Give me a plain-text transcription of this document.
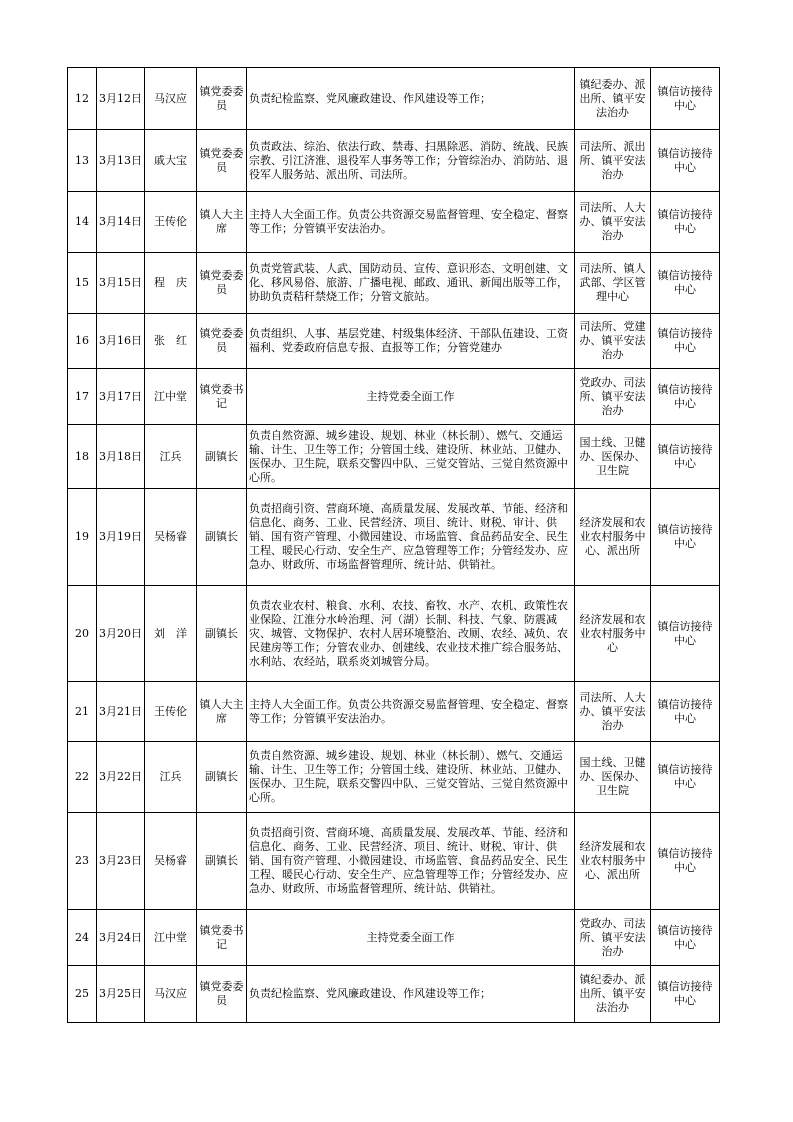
12	3月12日	马汉应	镇党委委员	负责纪检监察、党风廉政建设、作风建设等工作；	镇纪委办、派出所、镇平安法治办	镇信访接待中心
13	3月13日	戚大宝	镇党委委员	负责政法、综治、依法行政、禁毒、扫黑除恶、消防、统战、民族宗教、引江济淮、退役军人事务等工作；分管综治办、消防站、退役军人服务站、派出所、司法所。	司法所、派出所、镇平安法治办	镇信访接待中心
14	3月14日	王传伦	镇人大主席	主持人大全面工作。负责公共资源交易监督管理、安全稳定、督察等工作；分管镇平安法治办。	司法所、人大办、镇平安法治办	镇信访接待中心
15	3月15日	程　庆	镇党委委员	负责党管武装、人武、国防动员、宣传、意识形态、文明创建、文化、移风易俗、旅游、广播电视、邮政、通讯、新闻出版等工作，协助负责秸秆禁烧工作；分管文旅站。	司法所、镇人武部、学区管理中心	镇信访接待中心
16	3月16日	张　红	镇党委委员	负责组织、人事、基层党建、村级集体经济、干部队伍建设、工资福利、党委政府信息专报、直报等工作；分管党建办	司法所、党建办、镇平安法治办	镇信访接待中心
17	3月17日	江中堂	镇党委书记	主持党委全面工作	党政办、司法所、镇平安法治办	镇信访接待中心
18	3月18日	江兵	副镇长	负责自然资源、城乡建设、规划、林业（林长制）、燃气、交通运输、计生、卫生等工作；分管国土线、建设所、林业站、卫健办、医保办、卫生院，联系交警四中队、三觉交管站、三觉自然资源中心所。	国土线、卫健办、医保办、卫生院	镇信访接待中心
19	3月19日	吴杨睿	副镇长	负责招商引资、营商环境、高质量发展、发展改革、节能、经济和信息化、商务、工业、民营经济、项目、统计、财税、审计、供销、国有资产管理、小微园建设、市场监管、食品药品安全、民生工程、暖民心行动、安全生产、应急管理等工作；分管经发办、应急办、财政所、市场监督管理所、统计站、供销社。	经济发展和农业农村服务中心、派出所	镇信访接待中心
20	3月20日	刘　洋	副镇长	负责农业农村、粮食、水利、农技、畜牧、水产、农机、政策性农业保险、江淮分水岭治理、河（湖）长制、科技、气象、防震减灾、城管、文物保护、农村人居环境整治、改厕、农经、减负、农民建房等工作；分管农业办、创建线、农业技术推广综合服务站、水利站、农经站，联系炎刘城管分局。	经济发展和农业农村服务中心	镇信访接待中心
21	3月21日	王传伦	镇人大主席	主持人大全面工作。负责公共资源交易监督管理、安全稳定、督察等工作；分管镇平安法治办。	司法所、人大办、镇平安法治办	镇信访接待中心
22	3月22日	江兵	副镇长	负责自然资源、城乡建设、规划、林业（林长制）、燃气、交通运输、计生、卫生等工作；分管国土线、建设所、林业站、卫健办、医保办、卫生院，联系交警四中队、三觉交管站、三觉自然资源中心所。	国土线、卫健办、医保办、卫生院	镇信访接待中心
23	3月23日	吴杨睿	副镇长	负责招商引资、营商环境、高质量发展、发展改革、节能、经济和信息化、商务、工业、民营经济、项目、统计、财税、审计、供销、国有资产管理、小微园建设、市场监管、食品药品安全、民生工程、暖民心行动、安全生产、应急管理等工作；分管经发办、应急办、财政所、市场监督管理所、统计站、供销社。	经济发展和农业农村服务中心、派出所	镇信访接待中心
24	3月24日	江中堂	镇党委书记	主持党委全面工作	党政办、司法所、镇平安法治办	镇信访接待中心
25	3月25日	马汉应	镇党委委员	负责纪检监察、党风廉政建设、作风建设等工作；	镇纪委办、派出所、镇平安法治办	镇信访接待中心
